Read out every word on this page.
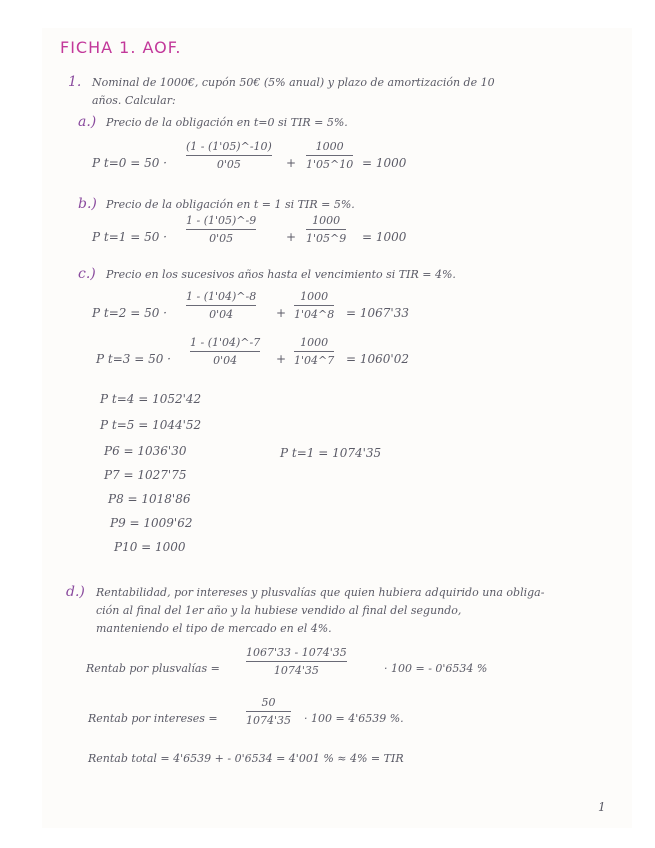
FICHA 1. AOF.
1. Nominal de 1000€, cupón 50€ (5% anual) y plazo de amortización de 10
años. Calcular:
a.) Precio de la obligación en t=0 si TIR = 5%.
P t=0 = 50 ·
(1 - (1'05)^-10)
0'05	+
1000
1'05^10 = 1000
b.) Precio de la obligación en t = 1 si TIR = 5%.
P t=1 = 50 ·
1 - (1'05)^-9
0'05	+
1000
1'05^9 = 1000
c.) Precio en los sucesivos años hasta el vencimiento si TIR = 4%.
P t=2 = 50 ·
1 - (1'04)^-8
0'04	+
1000
1'04^8 = 1067'33
P t=3 = 50 ·
1 - (1'04)^-7
0'04	+
1000
1'04^7 = 1060'02
P t=4 = 1052'42
P t=5 = 1044'52
P6 = 1036'30
P7 = 1027'75
P8 = 1018'86
P9 = 1009'62
P10 = 1000
P t=1 = 1074'35
d.) Rentabilidad, por intereses y plusvalías que quien hubiera adquirido una obliga-
ción al final del 1er año y la hubiese vendido al final del segundo,
manteniendo el tipo de mercado en el 4%.
Rentab por plusvalías =
1067'33 - 1074'35
1074'35	· 100 = - 0'6534 %
Rentab por intereses =
50
1074'35 · 100 = 4'6539 %.
Rentab total = 4'6539 + - 0'6534 = 4'001 % ≈ 4% = TIR
1
